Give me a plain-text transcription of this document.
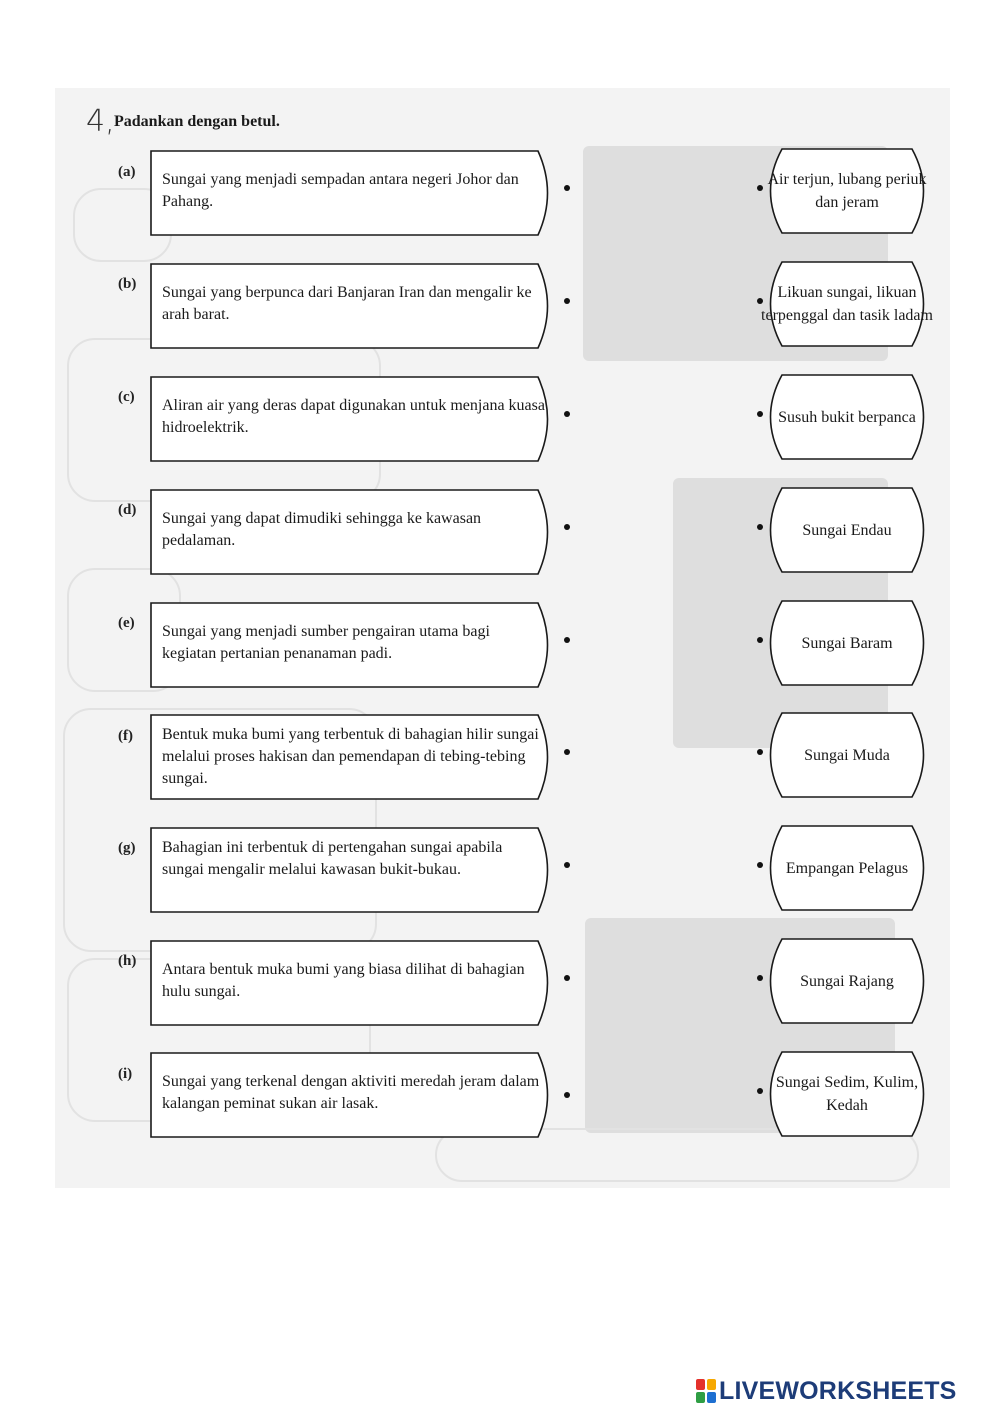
4, Padankan dengan betul.
(a) Sungai yang menjadi sempadan antara negeri Johor dan Pahang.
(b) Sungai yang berpunca dari Banjaran Iran dan mengalir ke arah barat.
(c) Aliran air yang deras dapat digunakan untuk menjana kuasa hidroelektrik.
(d) Sungai yang dapat dimudiki sehingga ke kawasan pedalaman.
(e) Sungai yang menjadi sumber pengairan utama bagi kegiatan pertanian penanaman padi.
(f) Bentuk muka bumi yang terbentuk di bahagian hilir sungai melalui proses hakisan dan pemendapan di tebing-tebing sungai.
(g) Bahagian ini terbentuk di pertengahan sungai apabila sungai mengalir melalui kawasan bukit-bukau.
(h) Antara bentuk muka bumi yang biasa dilihat di bahagian hulu sungai.
(i) Sungai yang terkenal dengan aktiviti meredah jeram dalam kalangan peminat sukan air lasak.
Air terjun, lubang periuk dan jeram
Likuan sungai, likuan terpenggal dan tasik ladam
Susuh bukit berpanca
Sungai Endau
Sungai Baram
Sungai Muda
Empangan Pelagus
Sungai Rajang
Sungai Sedim, Kulim, Kedah
LIVEWORKSHEETS
